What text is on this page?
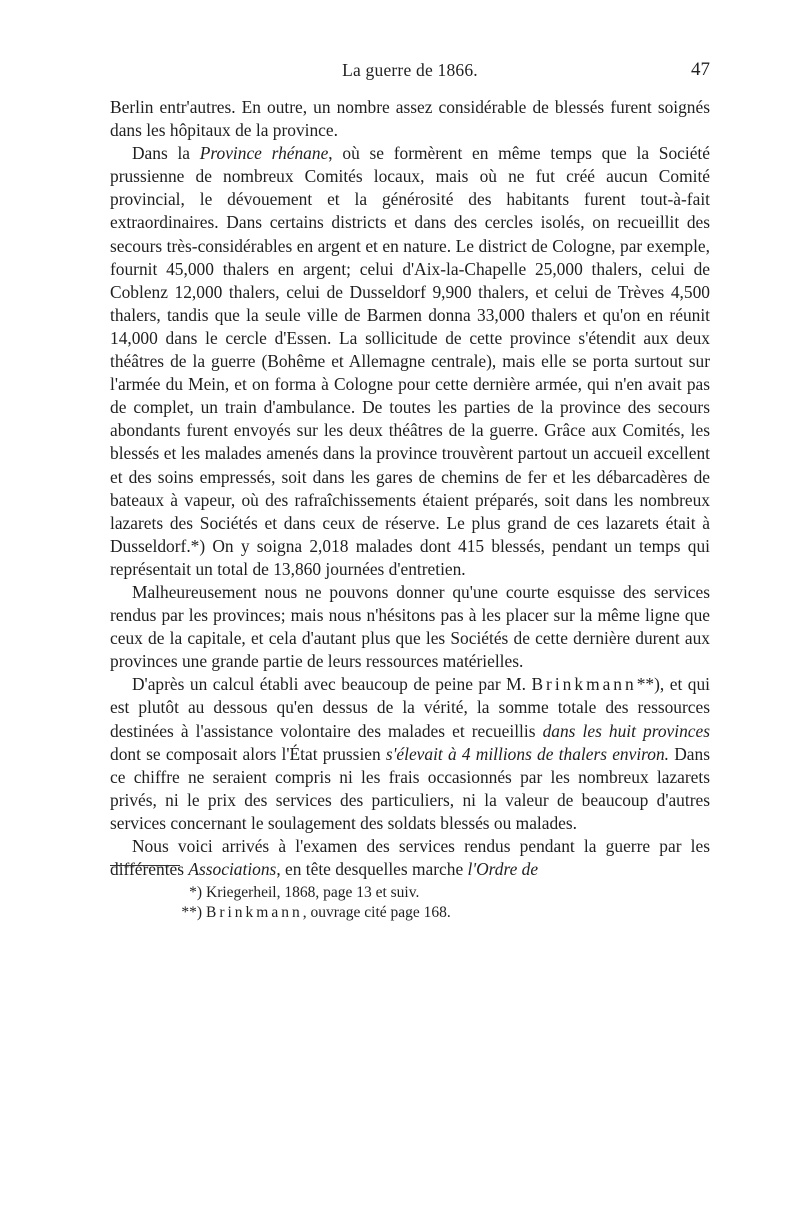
La guerre de 1866.	47

Berlin entr'autres. En outre, un nombre assez considérable de blessés furent soignés dans les hôpitaux de la province.

Dans la Province rhénane, où se formèrent en même temps que la Société prussienne de nombreux Comités locaux, mais où ne fut créé aucun Comité provincial, le dévouement et la générosité des habitants furent tout-à-fait extraordinaires. Dans certains districts et dans des cercles isolés, on recueillit des secours très-considérables en argent et en nature. Le district de Cologne, par exemple, fournit 45,000 thalers en argent; celui d'Aix-la-Chapelle 25,000 thalers, celui de Coblenz 12,000 thalers, celui de Dusseldorf 9,900 thalers, et celui de Trèves 4,500 thalers, tandis que la seule ville de Barmen donna 33,000 thalers et qu'on en réunit 14,000 dans le cercle d'Essen. La sollicitude de cette province s'étendit aux deux théâtres de la guerre (Bohême et Allemagne centrale), mais elle se porta surtout sur l'armée du Mein, et on forma à Cologne pour cette dernière armée, qui n'en avait pas de complet, un train d'ambulance. De toutes les parties de la province des secours abondants furent envoyés sur les deux théâtres de la guerre. Grâce aux Comités, les blessés et les malades amenés dans la province trouvèrent partout un accueil excellent et des soins empressés, soit dans les gares de chemins de fer et les débarcadères de bateaux à vapeur, où des rafraîchissements étaient préparés, soit dans les nombreux lazarets des Sociétés et dans ceux de réserve. Le plus grand de ces lazarets était à Dusseldorf.*) On y soigna 2,018 malades dont 415 blessés, pendant un temps qui représentait un total de 13,860 journées d'entretien.

Malheureusement nous ne pouvons donner qu'une courte esquisse des services rendus par les provinces; mais nous n'hésitons pas à les placer sur la même ligne que ceux de la capitale, et cela d'autant plus que les Sociétés de cette dernière durent aux provinces une grande partie de leurs ressources matérielles.

D'après un calcul établi avec beaucoup de peine par M. Brinkmann**), et qui est plutôt au dessous qu'en dessus de la vérité, la somme totale des ressources destinées à l'assistance volontaire des malades et recueillis dans les huit provinces dont se composait alors l'État prussien s'élevait à 4 millions de thalers environ. Dans ce chiffre ne seraient compris ni les frais occasionnés par les nombreux lazarets privés, ni le prix des services des particuliers, ni la valeur de beaucoup d'autres services concernant le soulagement des soldats blessés ou malades.

Nous voici arrivés à l'examen des services rendus pendant la guerre par les différentes Associations, en tête desquelles marche l'Ordre de

*) Kriegerheil, 1868, page 13 et suiv.
**) Brinkmann, ouvrage cité page 168.
